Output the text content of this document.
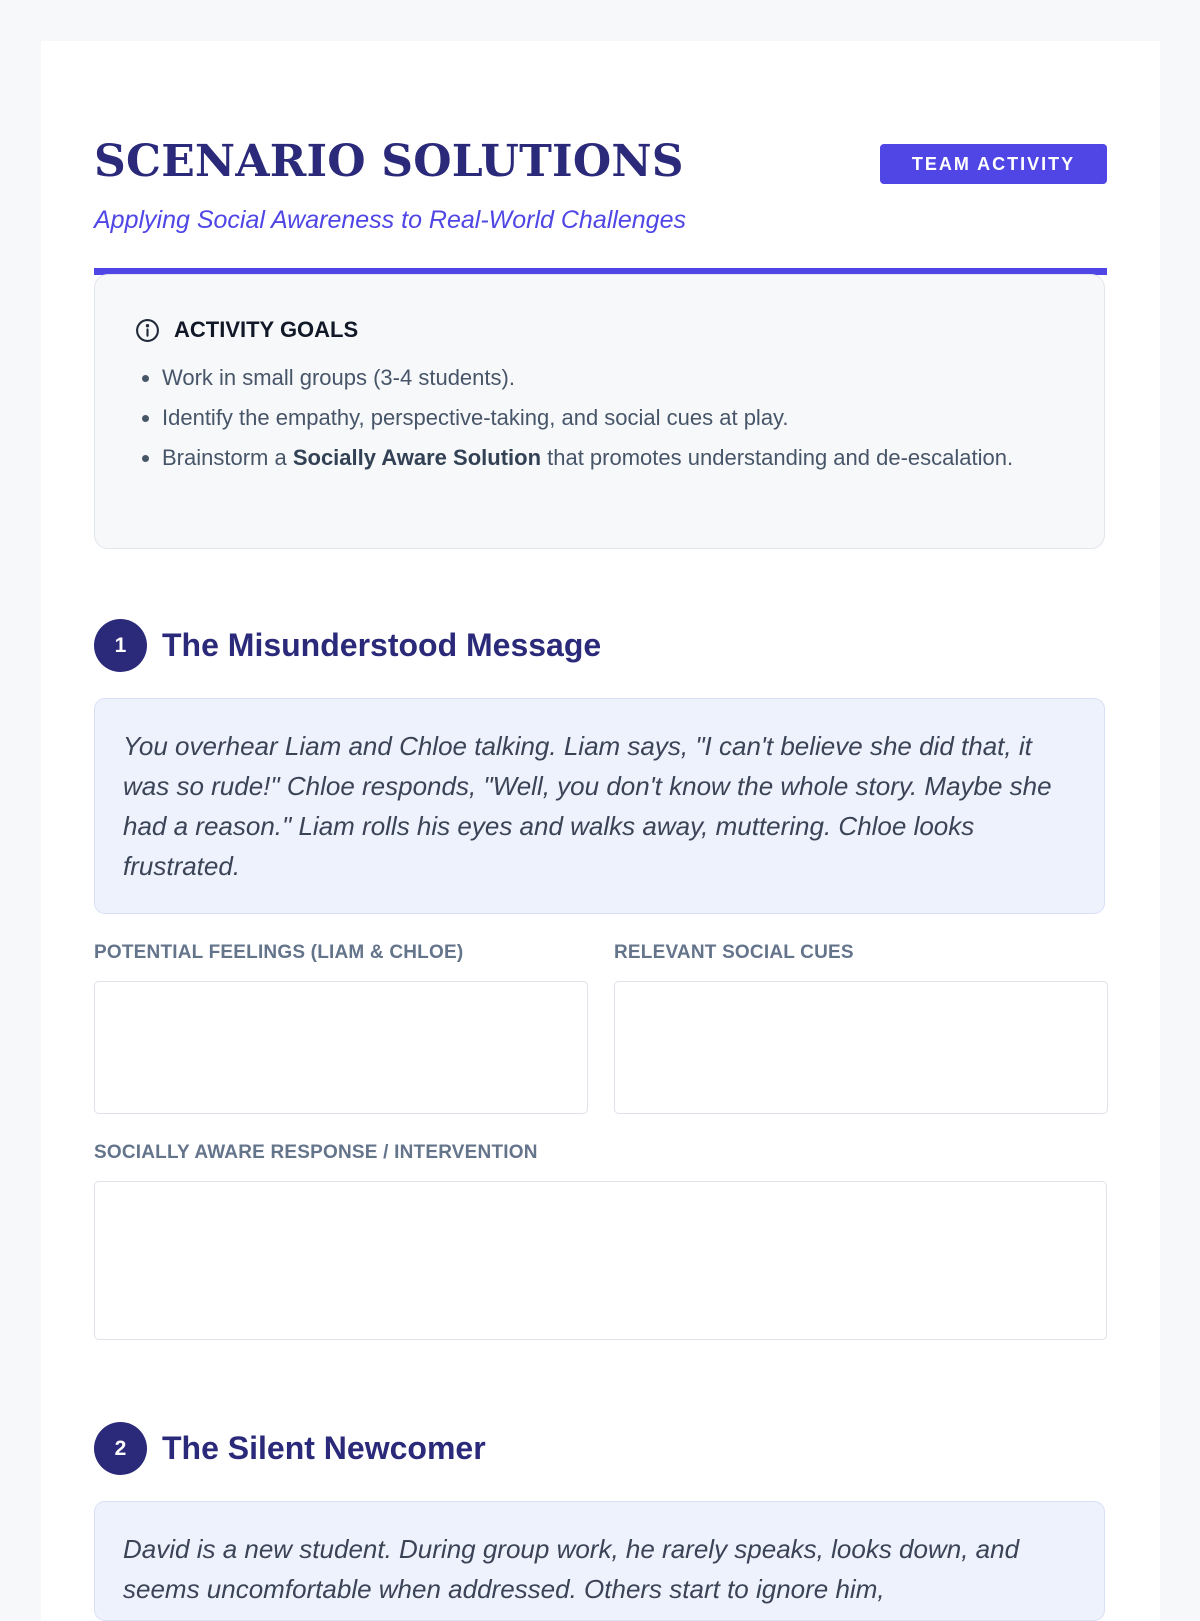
SCENARIO SOLUTIONS

Applying Social Awareness to Real-World Challenges

TEAM ACTIVITY
ACTIVITY GOALS
• Work in small groups (3-4 students).
• Identify the empathy, perspective-taking, and social cues at play.
• Brainstorm a Socially Aware Solution that promotes understanding and de-escalation.
1	The Misunderstood Message
You overhear Liam and Chloe talking. Liam says, "I can't believe she did that, it was so rude!" Chloe responds, "Well, you don't know the whole story. Maybe she had a reason." Liam rolls his eyes and walks away, muttering. Chloe looks frustrated.
POTENTIAL FEELINGS (LIAM & CHLOE)	RELEVANT SOCIAL CUES
SOCIALLY AWARE RESPONSE / INTERVENTION
2	The Silent Newcomer
David is a new student. During group work, he rarely speaks, looks down, and seems uncomfortable when addressed. Others start to ignore him,
